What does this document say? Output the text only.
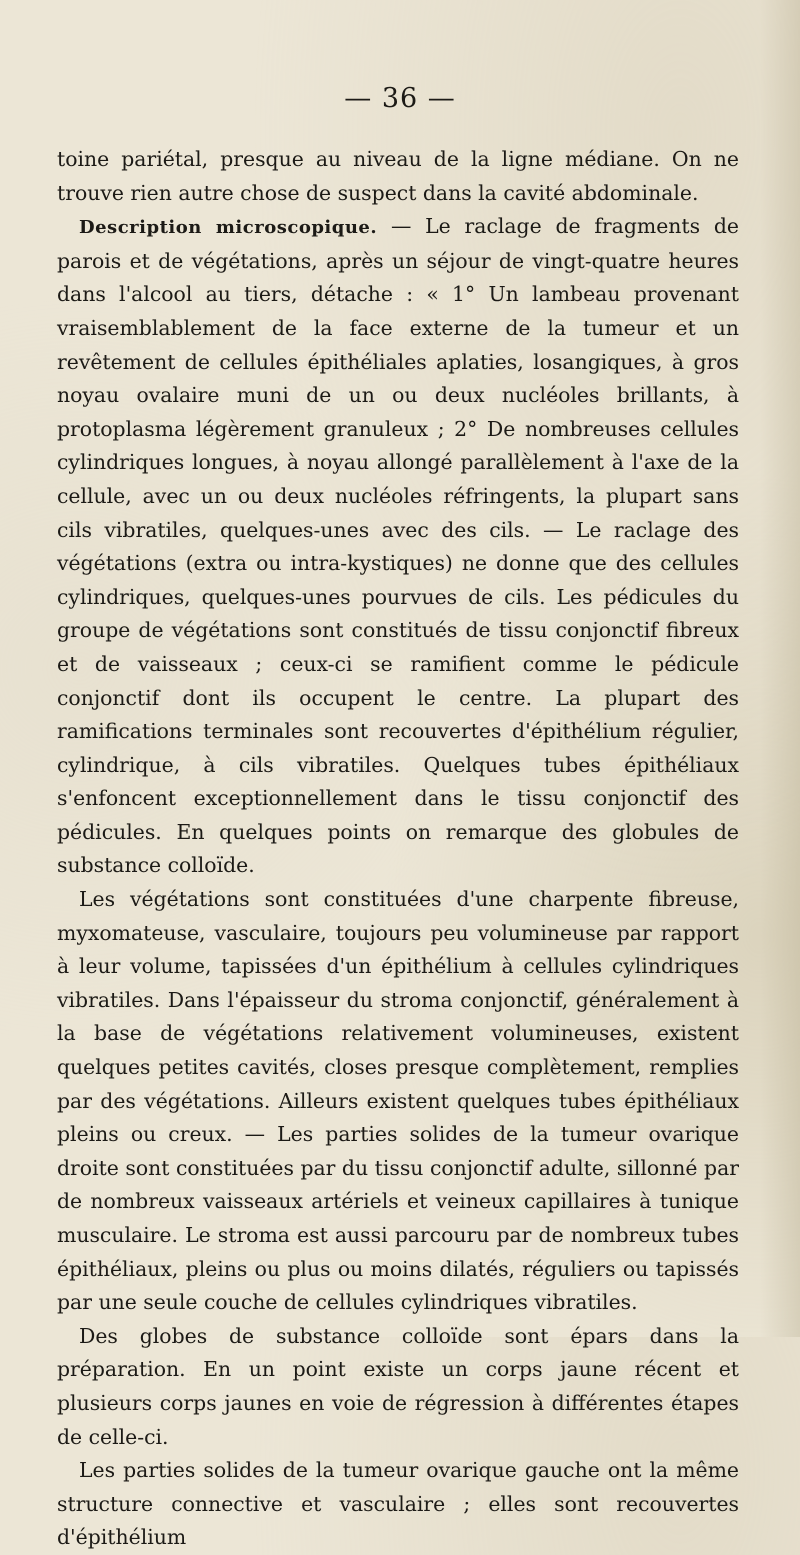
— 36 —

toine pariétal, presque au niveau de la ligne médiane. On ne trouve rien autre chose de suspect dans la cavité abdominale.

Description microscopique. — Le raclage de fragments de parois et de végétations, après un séjour de vingt-quatre heures dans l'alcool au tiers, détache : « 1° Un lambeau provenant vraisemblablement de la face externe de la tumeur et un revêtement de cellules épithéliales aplaties, losangiques, à gros noyau ovalaire muni de un ou deux nucléoles brillants, à protoplasma légèrement granuleux ; 2° De nombreuses cellules cylindriques longues, à noyau allongé parallèlement à l'axe de la cellule, avec un ou deux nucléoles réfringents, la plupart sans cils vibratiles, quelques-unes avec des cils. — Le raclage des végétations (extra ou intra-kystiques) ne donne que des cellules cylindriques, quelques-unes pourvues de cils. Les pédicules du groupe de végétations sont constitués de tissu conjonctif fibreux et de vaisseaux ; ceux-ci se ramifient comme le pédicule conjonctif dont ils occupent le centre. La plupart des ramifications terminales sont recouvertes d'épithélium régulier, cylindrique, à cils vibratiles. Quelques tubes épithéliaux s'enfoncent exceptionnellement dans le tissu conjonctif des pédicules. En quelques points on remarque des globules de substance colloïde.

Les végétations sont constituées d'une charpente fibreuse, myxomateuse, vasculaire, toujours peu volumineuse par rapport à leur volume, tapissées d'un épithélium à cellules cylindriques vibratiles. Dans l'épaisseur du stroma conjonctif, généralement à la base de végétations relativement volumineuses, existent quelques petites cavités, closes presque complètement, remplies par des végétations. Ailleurs existent quelques tubes épithéliaux pleins ou creux. — Les parties solides de la tumeur ovarique droite sont constituées par du tissu conjonctif adulte, sillonné par de nombreux vaisseaux artériels et veineux capillaires à tunique musculaire. Le stroma est aussi parcouru par de nombreux tubes épithéliaux, pleins ou plus ou moins dilatés, réguliers ou tapissés par une seule couche de cellules cylindriques vibratiles.

Des globes de substance colloïde sont épars dans la préparation. En un point existe un corps jaune récent et plusieurs corps jaunes en voie de régression à différentes étapes de celle-ci.

Les parties solides de la tumeur ovarique gauche ont la même structure connective et vasculaire ; elles sont recouvertes d'épithélium
